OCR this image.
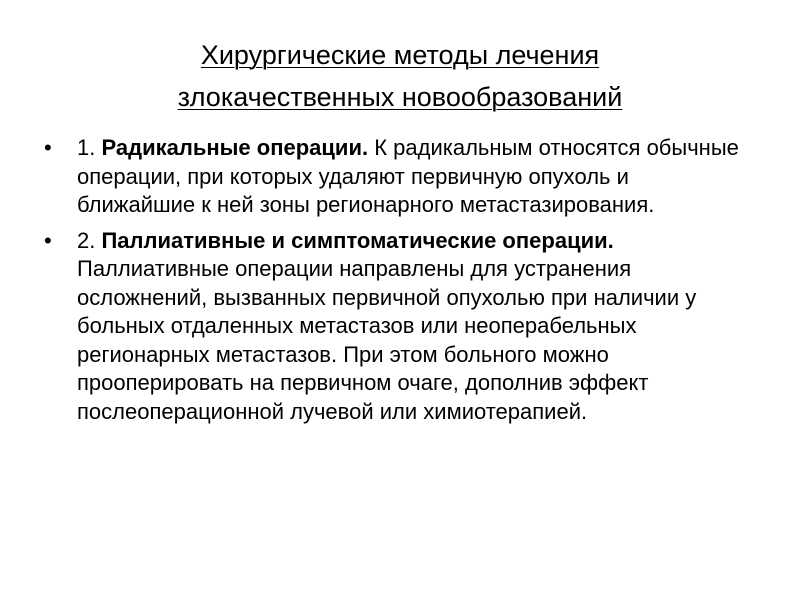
Хирургические методы лечения
злокачественных новообразований
•	1. Радикальные операции. К радикальным относятся обычные операции, при которых удаляют первичную опухоль и ближайшие к ней зоны регионарного метастазирования.
•	2. Паллиативные и симптоматические операции. Паллиативные операции направлены для устранения осложнений, вызванных первичной опухолью при наличии у больных отдаленных метастазов или неоперабельных регионарных метастазов. При этом больного можно прооперировать на первичном очаге, дополнив эффект послеоперационной лучевой или химиотерапией.
